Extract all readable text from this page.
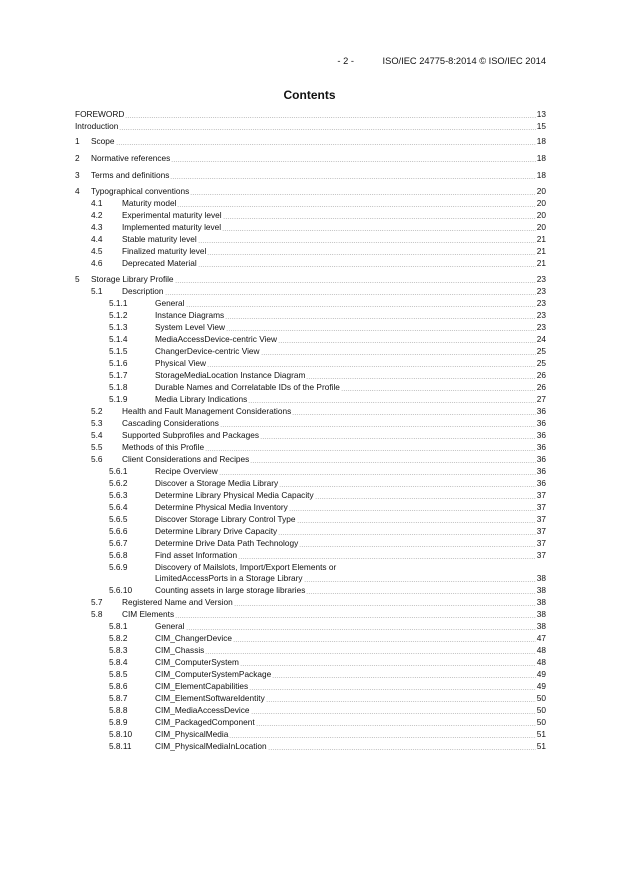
- 2 -	ISO/IEC 24775-8:2014 © ISO/IEC 2014
Contents
FOREWORD	13
Introduction	15
1 Scope	18
2 Normative references	18
3 Terms and definitions	18
4 Typographical conventions	20
4.1 Maturity model	20
4.2 Experimental maturity level	20
4.3 Implemented maturity level	20
4.4 Stable maturity level	21
4.5 Finalized maturity level	21
4.6 Deprecated Material	21
5 Storage Library Profile	23
5.1 Description	23
5.1.1	General	23
5.1.2	Instance Diagrams	23
5.1.3	System Level View	23
5.1.4	MediaAccessDevice-centric View	24
5.1.5	ChangerDevice-centric View	25
5.1.6	Physical View	25
5.1.7	StorageMediaLocation Instance Diagram	26
5.1.8	Durable Names and Correlatable IDs of the Profile	26
5.1.9	Media Library Indications	27
5.2 Health and Fault Management Considerations	36
5.3 Cascading Considerations	36
5.4 Supported Subprofiles and Packages	36
5.5 Methods of this Profile	36
5.6 Client Considerations and Recipes	36
5.6.1	Recipe Overview	36
5.6.2	Discover a Storage Media Library	36
5.6.3	Determine Library Physical Media Capacity	37
5.6.4	Determine Physical Media Inventory	37
5.6.5	Discover Storage Library Control Type	37
5.6.6	Determine Library Drive Capacity	37
5.6.7	Determine Drive Data Path Technology	37
5.6.8	Find asset Information	37
5.6.9	Discovery of Mailslots, Import/Export Elements or
LimitedAccessPorts in a Storage Library	38
5.6.10	Counting assets in large storage libraries	38
5.7 Registered Name and Version	38
5.8 CIM Elements	38
5.8.1	General	38
5.8.2	CIM_ChangerDevice	47
5.8.3	CIM_Chassis	48
5.8.4	CIM_ComputerSystem	48
5.8.5	CIM_ComputerSystemPackage	49
5.8.6	CIM_ElementCapabilities	49
5.8.7	CIM_ElementSoftwareIdentity	50
5.8.8	CIM_MediaAccessDevice	50
5.8.9	CIM_PackagedComponent	50
5.8.10	CIM_PhysicalMedia	51
5.8.11	CIM_PhysicalMediaInLocation	51
